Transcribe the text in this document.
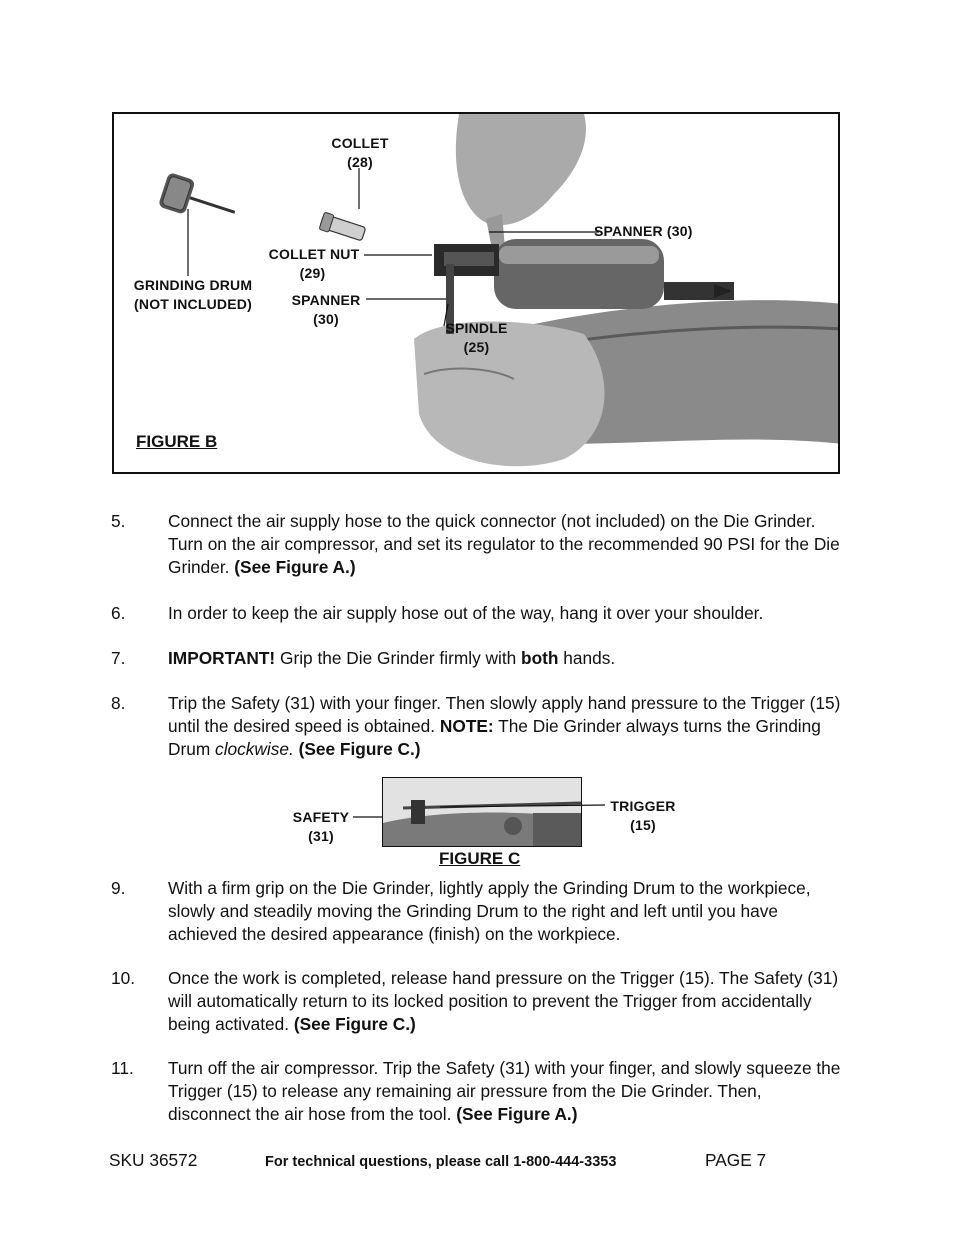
COLLET
(28)
COLLET NUT
(29)
GRINDING DRUM
(NOT INCLUDED)	SPANNER
(30)
SPANNER (30)
SPINDLE
(25)
FIGURE B
5. Connect the air supply hose to the quick connector (not included) on the Die Grinder. Turn on the air compressor, and set its regulator to the recommended 90 PSI for the Die Grinder. (See Figure A.)
6. In order to keep the air supply hose out of the way, hang it over your shoulder.
7. IMPORTANT! Grip the Die Grinder firmly with both hands.
8. Trip the Safety (31) with your finger. Then slowly apply hand pressure to the Trigger (15) until the desired speed is obtained. NOTE: The Die Grinder always turns the Grinding Drum clockwise. (See Figure C.)
9. With a firm grip on the Die Grinder, lightly apply the Grinding Drum to the workpiece, slowly and steadily moving the Grinding Drum to the right and left until you have achieved the desired appearance (finish) on the workpiece.
10. Once the work is completed, release hand pressure on the Trigger (15). The Safety (31) will automatically return to its locked position to prevent the Trigger from accidentally being activated. (See Figure C.)
11. Turn off the air compressor. Trip the Safety (31) with your finger, and slowly squeeze the Trigger (15) to release any remaining air pressure from the Die Grinder. Then, disconnect the air hose from the tool. (See Figure A.)
SAFETY
(31)
TRIGGER
(15)
FIGURE C
SKU 36572	For technical questions, please call 1-800-444-3353	PAGE 7
